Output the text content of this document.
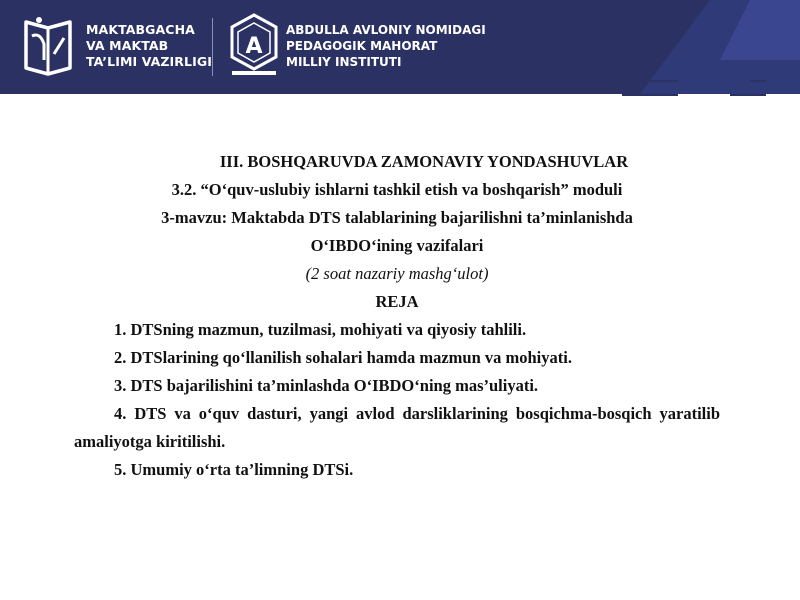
MAKTABGACHA
VA MAKTAB
TA’LIMI VAZIRLIGI
A
ABDULLA AVLONIY NOMIDAGI
PEDAGOGIK MAHORAT
MILLIY INSTITUTI
III. BOSHQARUVDA ZAMONAVIY YONDASHUVLAR
3.2. “O‘quv-uslubiy ishlarni tashkil etish va boshqarish” moduli
3-mavzu: Maktabda DTS talablarining bajarilishni ta’minlanishda
O‘IBDO‘ining vazifalari
(2 soat nazariy mashg‘ulot)
REJA
1. DTSning mazmun, tuzilmasi, mohiyati va qiyosiy tahlili.
2. DTSlarining qo‘llanilish sohalari hamda mazmun va mohiyati.
3. DTS bajarilishini ta’minlashda O‘IBDO‘ning mas’uliyati.
4. DTS va o‘quv dasturi, yangi avlod darsliklarining bosqichma-bosqich yaratilib amaliyotga kiritilishi.
5. Umumiy o‘rta ta’limning DTSi.
